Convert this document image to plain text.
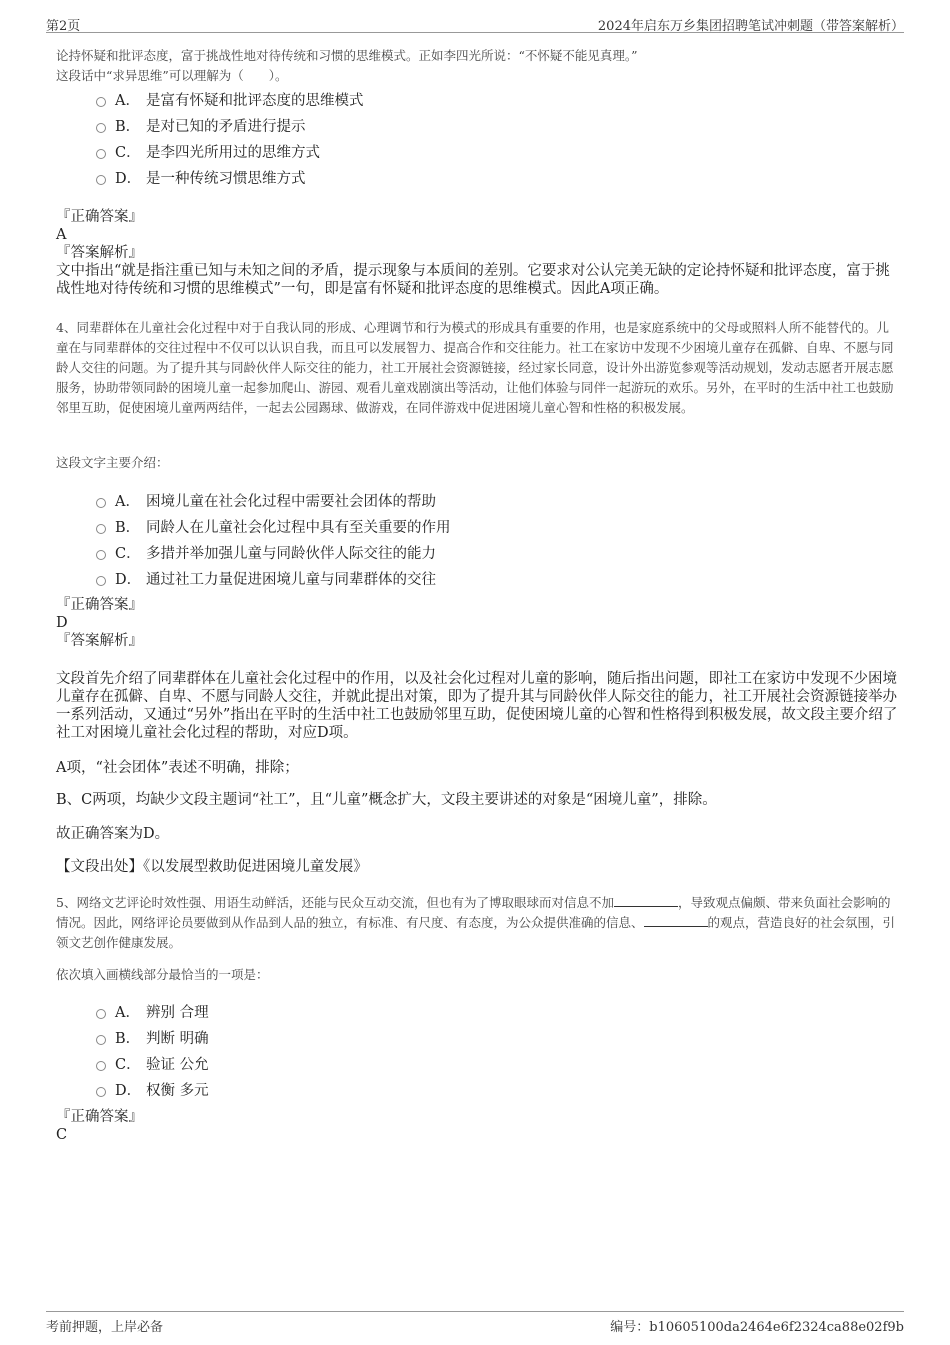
第2页	2024年启东万乡集团招聘笔试冲刺题（带答案解析）

论持怀疑和批评态度，富于挑战性地对待传统和习惯的思维模式。正如李四光所说：“不怀疑不能见真理。”

这段话中“求异思维”可以理解为（　　）。

A． 是富有怀疑和批评态度的思维模式
B． 是对已知的矛盾进行提示
C． 是李四光所用过的思维方式
D． 是一种传统习惯思维方式

『正确答案』

A

『答案解析』

文中指出“就是指注重已知与未知之间的矛盾，提示现象与本质间的差别。它要求对公认完美无缺的定论持怀疑和批评态度，富于挑战性地对待传统和习惯的思维模式”一句，即是富有怀疑和批评态度的思维模式。因此A项正确。

4、同辈群体在儿童社会化过程中对于自我认同的形成、心理调节和行为模式的形成具有重要的作用，也是家庭系统中的父母或照料人所不能替代的。儿童在与同辈群体的交往过程中不仅可以认识自我，而且可以发展智力、提高合作和交往能力。社工在家访中发现不少困境儿童存在孤僻、自卑、不愿与同龄人交往的问题。为了提升其与同龄伙伴人际交往的能力，社工开展社会资源链接，经过家长同意，设计外出游览参观等活动规划，发动志愿者开展志愿服务，协助带领同龄的困境儿童一起参加爬山、游园、观看儿童戏剧演出等活动，让他们体验与同伴一起游玩的欢乐。另外，在平时的生活中社工也鼓励邻里互助，促使困境儿童两两结伴，一起去公园踢球、做游戏，在同伴游戏中促进困境儿童心智和性格的积极发展。
这段文字主要介绍：
A． 困境儿童在社会化过程中需要社会团体的帮助
B． 同龄人在儿童社会化过程中具有至关重要的作用
C． 多措并举加强儿童与同龄伙伴人际交往的能力
D． 通过社工力量促进困境儿童与同辈群体的交往

『正确答案』

D

『答案解析』

文段首先介绍了同辈群体在儿童社会化过程中的作用，以及社会化过程对儿童的影响，随后指出问题，即社工在家访中发现不少困境儿童存在孤僻、自卑、不愿与同龄人交往，并就此提出对策，即为了提升其与同龄伙伴人际交往的能力，社工开展社会资源链接举办一系列活动，又通过“另外”指出在平时的生活中社工也鼓励邻里互助，促使困境儿童的心智和性格得到积极发展，故文段主要介绍了社工对困境儿童社会化过程的帮助，对应D项。
A项，“社会团体”表述不明确，排除；
B、C两项，均缺少文段主题词“社工”，且“儿童”概念扩大，文段主要讲述的对象是“困境儿童”，排除。
故正确答案为D。
【文段出处】《以发展型救助促进困境儿童发展》
5、网络文艺评论时效性强、用语生动鲜活，还能与民众互动交流，但也有为了博取眼球而对信息不加	，导致观点偏颇、带来负面社会影响的情况。因此，网络评论员要做到从作品到人品的独立，有标准、有尺度、有态度，为公众提供准确的信息、	的观点，营造良好的社会氛围，引领文艺创作健康发展。
依次填入画横线部分最恰当的一项是：
A． 辨别 合理
B． 判断 明确
C． 验证 公允
D． 权衡 多元

『正确答案』

C

考前押题，上岸必备	编号：b10605100da2464e6f2324ca88e02f9b
